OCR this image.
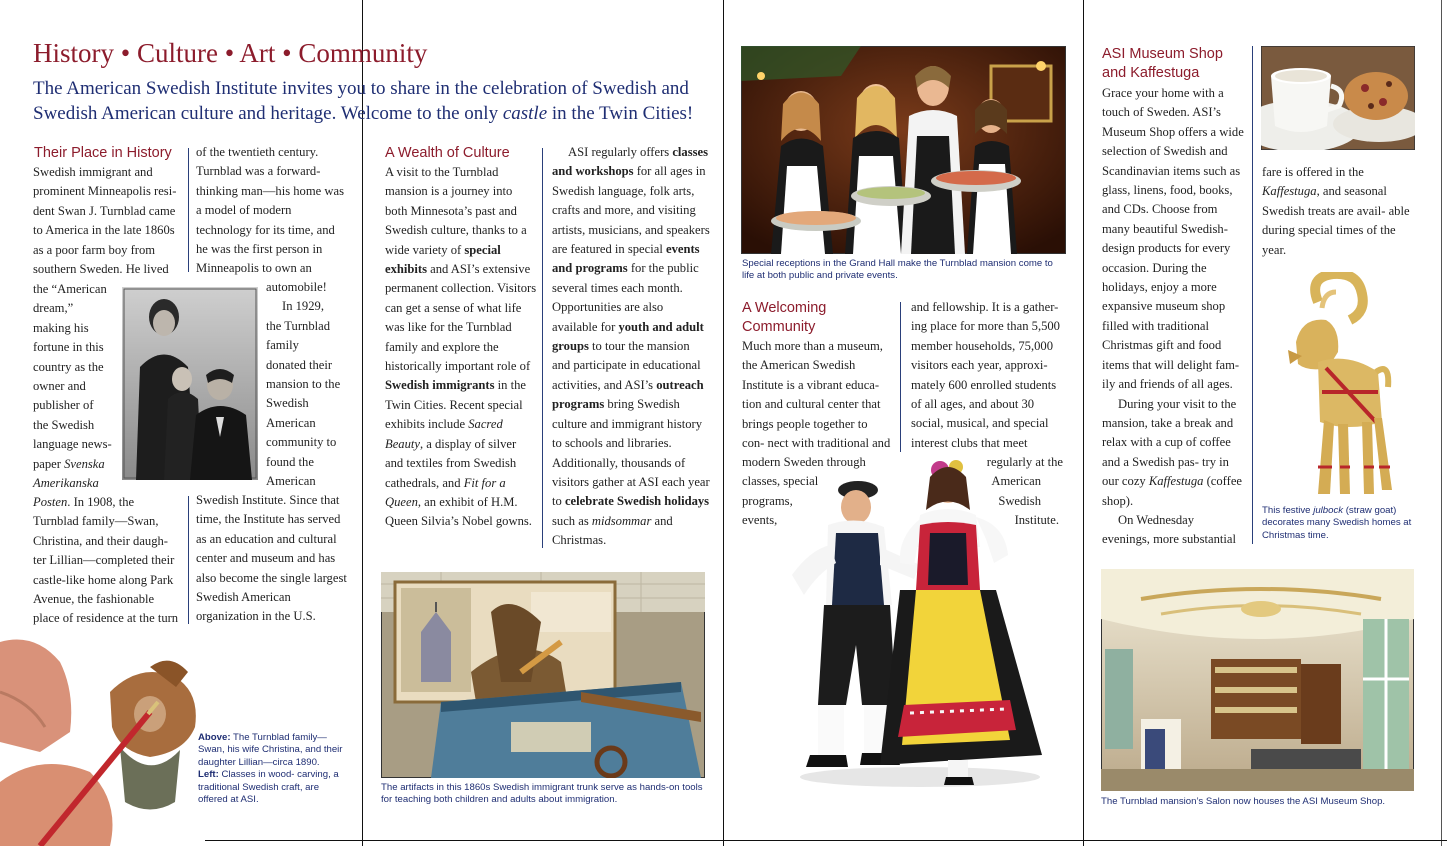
History • Culture • Art • Community
The American Swedish Institute invites you to share in the celebration of Swedish and Swedish American culture and heritage. Welcome to the only castle in the Twin Cities!
Their Place in History
Swedish immigrant and prominent Minneapolis resi- dent Swan J. Turnblad came to America in the late 1860s as a poor farm boy from southern Sweden. He lived
the “American
dream,”
making his
fortune in this
country as the
owner and
publisher of
the Swedish
language news-
paper Svenska
Amerikanska
Posten. In 1908, the Turnblad family—Swan, Christina, and their daugh- ter Lillian—completed their castle-like home along Park Avenue, the fashionable place of residence at the turn
of the twentieth century. Turnblad was a forward- thinking man—his home was a model of modern technology for its time, and he was the first person in Minneapolis to own an
automobile!
In 1929,
the Turnblad
family
donated their
mansion to the
Swedish
American
community to
found the
American
Swedish Institute. Since that time, the Institute has served as an education and cultural center and museum and has also become the single largest Swedish American organization in the U.S.
Above: The Turnblad family—Swan, his wife Christina, and their daughter Lillian—circa 1890. Left: Classes in wood- carving, a traditional Swedish craft, are offered at ASI.
A Wealth of Culture
A visit to the Turnblad mansion is a journey into both Minnesota’s past and Swedish culture, thanks to a wide variety of special exhibits and ASI’s extensive permanent collection. Visitors can get a sense of what life was like for the Turnblad family and explore the historically important role of Swedish immigrants in the Twin Cities. Recent special exhibits include Sacred Beauty, a display of silver and textiles from Swedish cathedrals, and Fit for a Queen, an exhibit of H.M. Queen Silvia’s Nobel gowns.
ASI regularly offers classes and workshops for all ages in Swedish language, folk arts, crafts and more, and visiting artists, musicians, and speakers are featured in special events and programs for the public several times each month. Opportunities are also available for youth and adult groups to tour the mansion and participate in educational activities, and ASI’s outreach programs bring Swedish culture and immigrant history to schools and libraries. Additionally, thousands of visitors gather at ASI each year to celebrate Swedish holidays such as midsommar and Christmas.
The artifacts in this 1860s Swedish immigrant trunk serve as hands-on tools for teaching both children and adults about immigration.
Special receptions in the Grand Hall make the Turnblad mansion come to life at both public and private events.
A Welcoming Community
Much more than a museum, the American Swedish Institute is a vibrant educa- tion and cultural center that brings people together to con- nect with traditional and
modern Sweden through
classes, special
programs,
events,
and fellowship. It is a gather- ing place for more than 5,500 member households, 75,000 visitors each year, approxi- mately 600 enrolled students of all ages, and about 30 social, musical, and special interest clubs that meet
regularly at the
American
Swedish
Institute.
ASI Museum Shop and Kaffestuga

Grace your home with a touch of Sweden. ASI’s Museum Shop offers a wide selection of Swedish and Scandinavian items such as glass, linens, food, books, and CDs. Choose from many beautiful Swedish-design products for every occasion. During the holidays, enjoy a more expansive museum shop filled with traditional Christmas gift and food items that will delight fam- ily and friends of all ages.

During your visit to the mansion, take a break and relax with a cup of coffee and a Swedish pas- try in our cozy Kaffestuga (coffee shop).

On Wednesday evenings, more substantial

fare is offered in the Kaffestuga, and seasonal Swedish treats are avail- able during special times of the year.
This festive julbock (straw goat) decorates many Swedish homes at Christmas time.
The Turnblad mansion’s Salon now houses the ASI Museum Shop.
